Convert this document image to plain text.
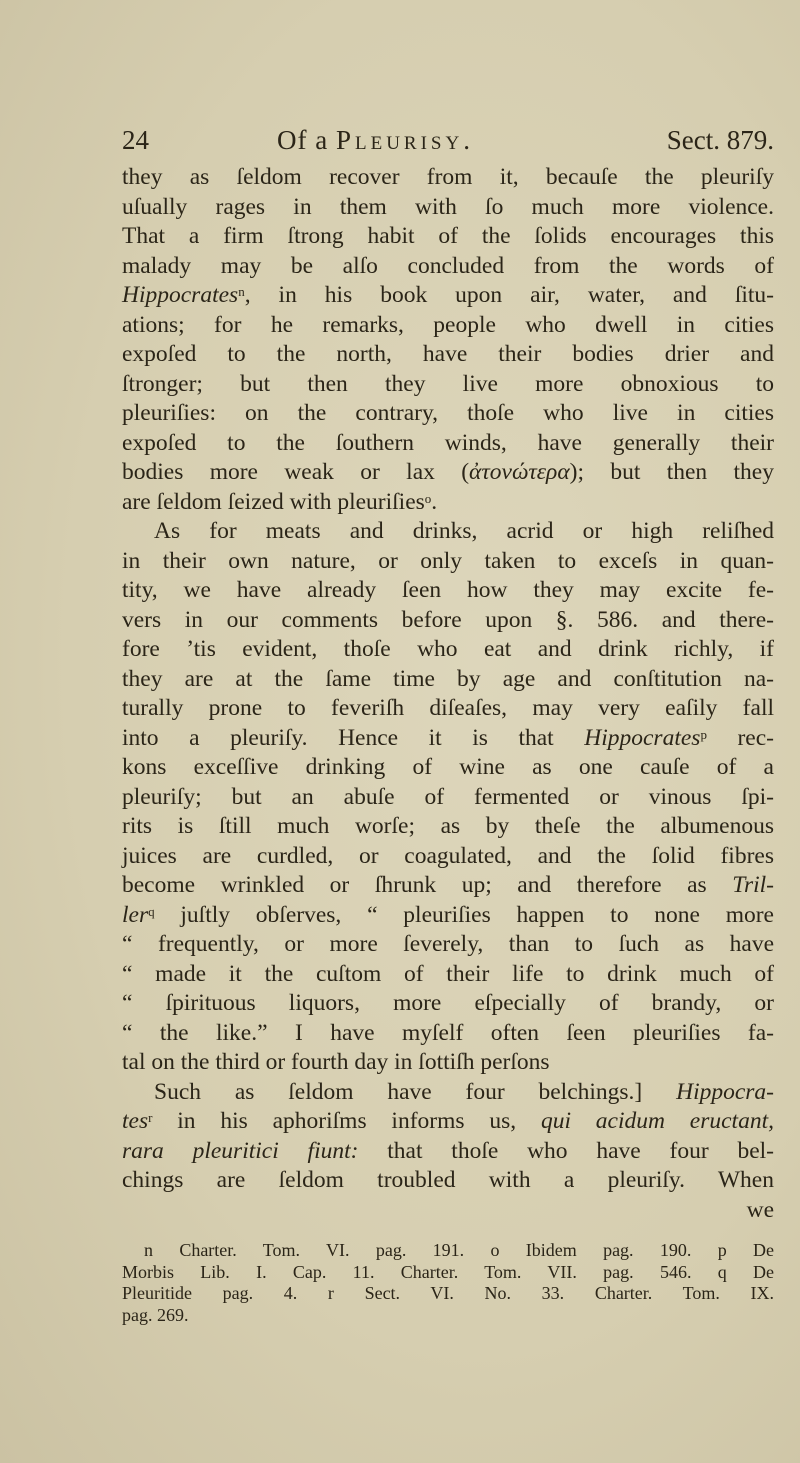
24	Of a Pleurisy.	Sect. 879.
they as ſeldom recover from it, becauſe the pleuriſy
uſually rages in them with ſo much more violence.
That a firm ſtrong habit of the ſolids encourages this
malady may be alſo concluded from the words of
Hippocrates$^n$, in his book upon air, water, and ſitu-
ations; for he remarks, people who dwell in cities
expoſed to the north, have their bodies drier and
ſtronger; but then they live more obnoxious to
pleuriſies: on the contrary, thoſe who live in cities
expoſed to the ſouthern winds, have generally their
bodies more weak or lax (ἀτονώτερα); but then they
are ſeldom ſeized with pleuriſies$^o$.
As for meats and drinks, acrid or high reliſhed
in their own nature, or only taken to exceſs in quan-
tity, we have already ſeen how they may excite fe-
vers in our comments before upon §. 586. and there-
fore ’tis evident, thoſe who eat and drink richly, if
they are at the ſame time by age and conſtitution na-
turally prone to feveriſh diſeaſes, may very eaſily fall
into a pleuriſy. Hence it is that Hippocrates$^p$ rec-
kons exceſſive drinking of wine as one cauſe of a
pleuriſy; but an abuſe of fermented or vinous ſpi-
rits is ſtill much worſe; as by theſe the albumenous
juices are curdled, or coagulated, and the ſolid fibres
become wrinkled or ſhrunk up; and therefore as Tril-
ler$^q$ juſtly obſerves, “ pleuriſies happen to none more
“ frequently, or more ſeverely, than to ſuch as have
“ made it the cuſtom of their life to drink much of
“ ſpirituous liquors, more eſpecially of brandy, or
“ the like.” I have myſelf often ſeen pleuriſies fa-
tal on the third or fourth day in ſottiſh perſons
Such as ſeldom have four belchings.] Hippocra-
tes$^r$ in his aphoriſms informs us, qui acidum eructant,
rara pleuritici fiunt: that thoſe who have four bel-
chings are ſeldom troubled with a pleuriſy. When
we
n Charter. Tom. VI. pag. 191. o Ibidem pag. 190. p De
Morbis Lib. I. Cap. 11. Charter. Tom. VII. pag. 546. q De
Pleuritide pag. 4. r Sect. VI. No. 33. Charter. Tom. IX.
pag. 269.
